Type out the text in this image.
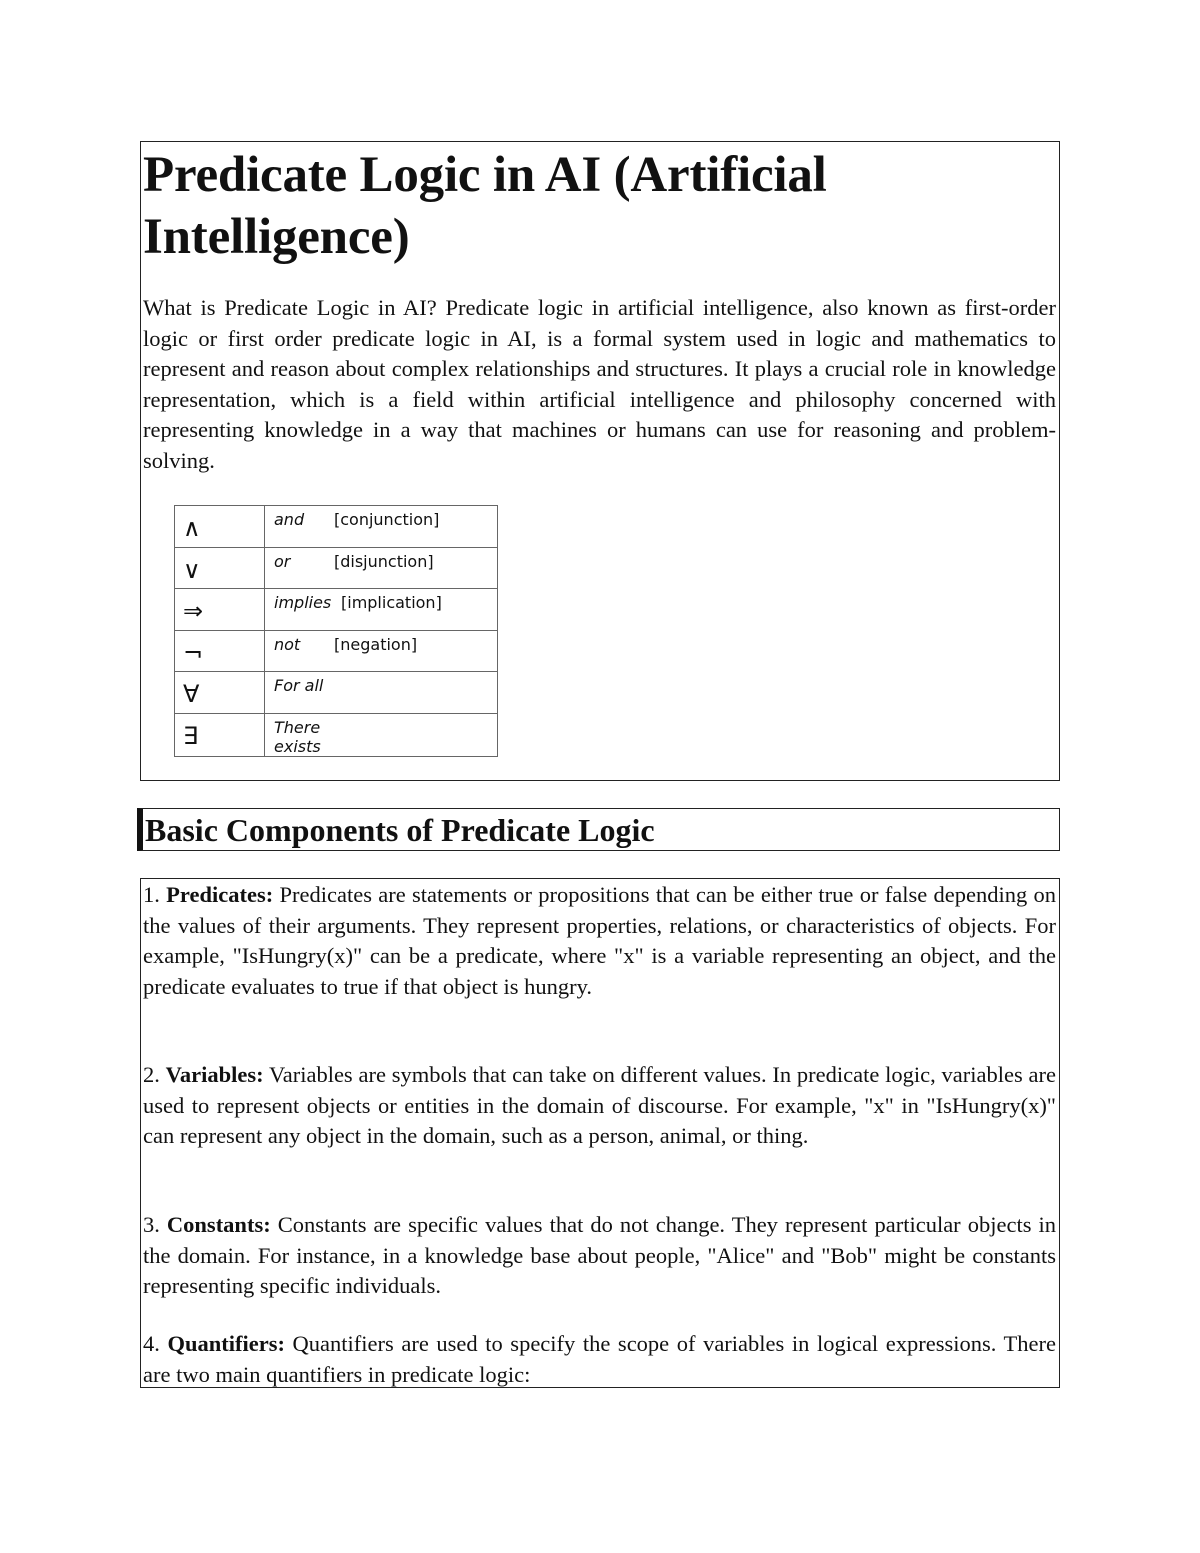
Predicate Logic in AI (Artificial Intelligence)

What is Predicate Logic in AI? Predicate logic in artificial intelligence, also known as first-order logic or first order predicate logic in AI, is a formal system used in logic and mathematics to represent and reason about complex relationships and structures. It plays a crucial role in knowledge representation, which is a field within artificial intelligence and philosophy concerned with representing knowledge in a way that machines or humans can use for reasoning and problem-solving.

∧	and [conjunction]
∨	or [disjunction]
⇒	implies [implication]
¬	not [negation]
∀	For all
∃	There exists
Basic Components of Predicate Logic

1. Predicates: Predicates are statements or propositions that can be either true or false depending on the values of their arguments. They represent properties, relations, or characteristics of objects. For example, "IsHungry(x)" can be a predicate, where "x" is a variable representing an object, and the predicate evaluates to true if that object is hungry.

2. Variables: Variables are symbols that can take on different values. In predicate logic, variables are used to represent objects or entities in the domain of discourse. For example, "x" in "IsHungry(x)" can represent any object in the domain, such as a person, animal, or thing.

3. Constants: Constants are specific values that do not change. They represent particular objects in the domain. For instance, in a knowledge base about people, "Alice" and "Bob" might be constants representing specific individuals.

4. Quantifiers: Quantifiers are used to specify the scope of variables in logical expressions. There are two main quantifiers in predicate logic:
